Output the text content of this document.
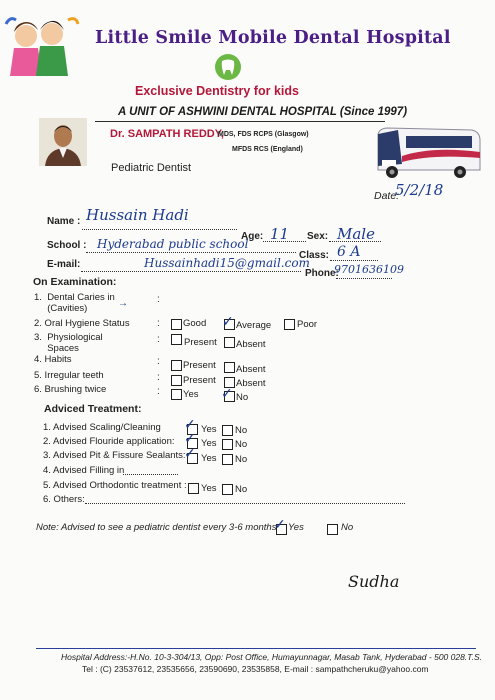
Little Smile Mobile Dental Hospital
Exclusive Dentistry for kids
A UNIT OF ASHWINI DENTAL HOSPITAL (Since 1997)
Dr. SAMPATH REDDY,
MDS, FDS RCPS (Glasgow)
MFDS RCS (England)
Pediatric Dentist
Date:
5/2/18
Name : Hussain Hadi
Age: 11 Sex: Male
School : Hyderabad public school
Class: 6 A
E-mail:	Hussainhadi15@gmail.com
Phone:
9701636109
On Examination:
1.  Dental Caries in
(Cavities)	→	:
2. Oral Hygiene Status	: Good ✓ Average	Poor
3.  Physiological
Spaces
:	Present Absent
4. Habits	: Present Absent
5. Irregular teeth	: Present Absent
6. Brushing twice	: Yes ✓ No
Adviced Treatment:
1. Advised Scaling/Cleaning ✓ Yes No
2. Advised Flouride application: ✓ Yes No
3. Advised Pit & Fissure Sealants:
✓ Yes No
4. Advised Filling in
5. Advised Orthodontic treatment : Yes No
6. Others:
Note: Advised to see a pediatric dentist every 3-6 months
✓ Yes	No
Sudha
Hospital Address:-H.No. 10-3-304/13, Opp: Post Office, Humayunnagar, Masab Tank, Hyderabad - 500 028.T.S.
Tel : (C) 23537612, 23535656, 23590690, 23535858, E-mail : sampathcheruku@yahoo.com
